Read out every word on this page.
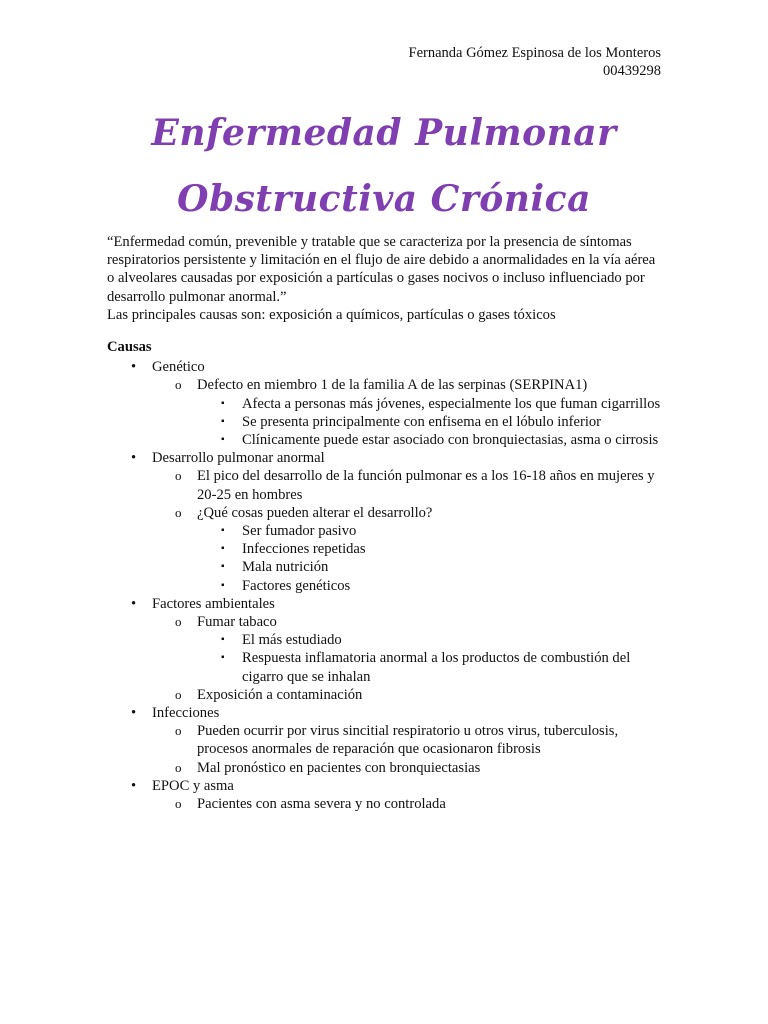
Fernanda Gómez Espinosa de los Monteros
00439298
Enfermedad Pulmonar
Obstructiva Crónica

“Enfermedad común, prevenible y tratable que se caracteriza por la presencia de síntomas respiratorios persistente y limitación en el flujo de aire debido a anormalidades en la vía aérea o alveolares causadas por exposición a partículas o gases nocivos o incluso influenciado por desarrollo pulmonar anormal.”

Las principales causas son: exposición a químicos, partículas o gases tóxicos

Causas
• Genético
o Defecto en miembro 1 de la familia A de las serpinas (SERPINA1)
▪ Afecta a personas más jóvenes, especialmente los que fuman cigarrillos
▪ Se presenta principalmente con enfisema en el lóbulo inferior
▪ Clínicamente puede estar asociado con bronquiectasias, asma o cirrosis
• Desarrollo pulmonar anormal
o El pico del desarrollo de la función pulmonar es a los 16-18 años en mujeres y 20-25 en hombres
o ¿Qué cosas pueden alterar el desarrollo?
▪ Ser fumador pasivo
▪ Infecciones repetidas
▪ Mala nutrición
▪ Factores genéticos
• Factores ambientales
o Fumar tabaco
▪ El más estudiado
▪ Respuesta inflamatoria anormal a los productos de combustión del cigarro que se inhalan
o Exposición a contaminación
• Infecciones
o Pueden ocurrir por virus sincitial respiratorio u otros virus, tuberculosis, procesos anormales de reparación que ocasionaron fibrosis
o Mal pronóstico en pacientes con bronquiectasias
• EPOC y asma
o Pacientes con asma severa y no controlada
